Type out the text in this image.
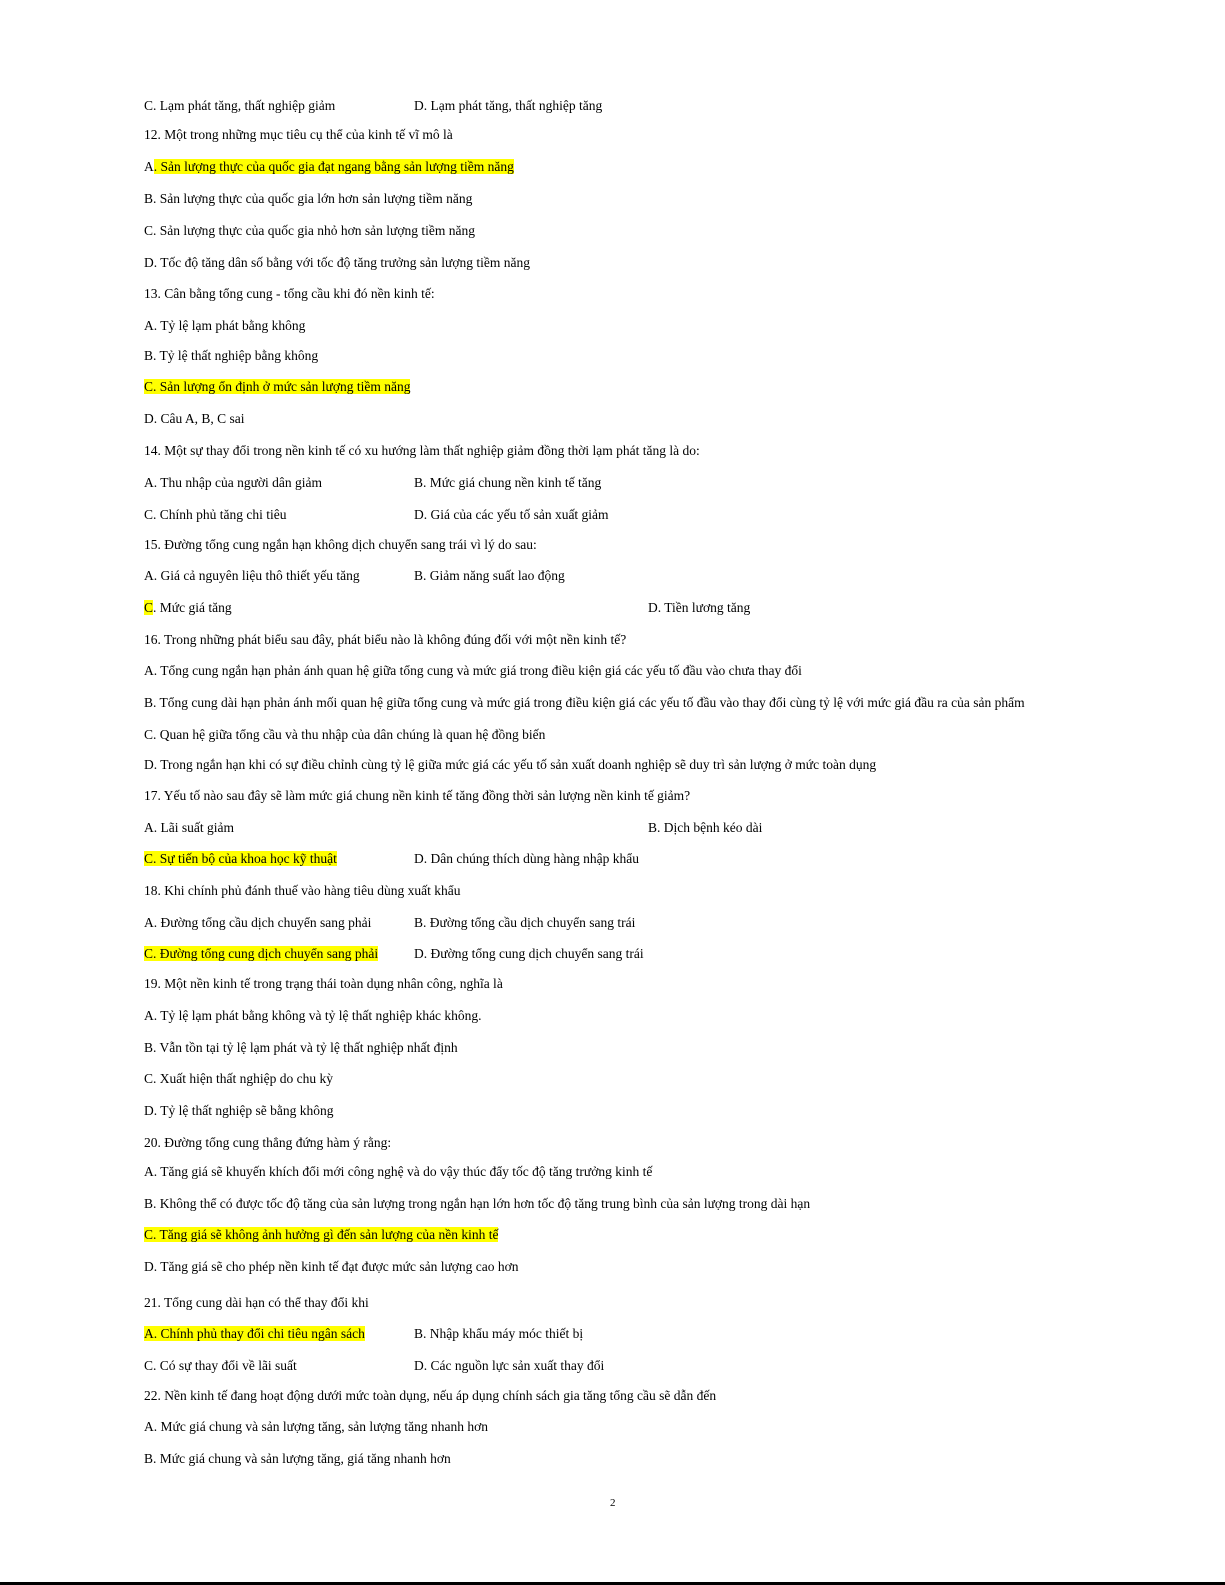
C. Lạm phát tăng, thất nghiệp giảm	D. Lạm phát tăng, thất nghiệp tăng
12. Một trong những mục tiêu cụ thể của kinh tế vĩ mô là
A. Sản lượng thực của quốc gia đạt ngang bằng sản lượng tiềm năng
B. Sản lượng thực của quốc gia lớn hơn sản lượng tiềm năng
C. Sản lượng thực của quốc gia nhỏ hơn sản lượng tiềm năng
D. Tốc độ tăng dân số bằng với tốc độ tăng trưởng sản lượng tiềm năng
13. Cân bằng tổng cung - tổng cầu khi đó nền kinh tế:
A. Tỷ lệ lạm phát bằng không
B. Tỷ lệ thất nghiệp bằng không
C. Sản lượng ổn định ở mức sản lượng tiềm năng
D. Câu A, B, C sai
14. Một sự thay đổi trong nền kinh tế có xu hướng làm thất nghiệp giảm đồng thời lạm phát tăng là do:
A. Thu nhập của người dân giảm	B. Mức giá chung nền kinh tế tăng
C. Chính phủ tăng chi tiêu	D. Giá của các yếu tố sản xuất giảm
15. Đường tổng cung ngắn hạn không dịch chuyển sang trái vì lý do sau:
A. Giá cả nguyên liệu thô thiết yếu tăng	B. Giảm năng suất lao động
C. Mức giá tăng	D. Tiền lương tăng
16. Trong những phát biểu sau đây, phát biểu nào là không đúng đối với một nền kinh tế?
A. Tổng cung ngắn hạn phản ánh quan hệ giữa tổng cung và mức giá trong điều kiện giá các yếu tố đầu vào chưa thay đổi
B. Tổng cung dài hạn phản ánh mối quan hệ giữa tổng cung và mức giá trong điều kiện giá các yếu tố đầu vào thay đổi cùng tỷ lệ với mức giá đầu ra của sản phẩm
C. Quan hệ giữa tổng cầu và thu nhập của dân chúng là quan hệ đồng biến
D. Trong ngắn hạn khi có sự điều chỉnh cùng tỷ lệ giữa mức giá các yếu tố sản xuất doanh nghiệp sẽ duy trì sản lượng ở mức toàn dụng
17. Yếu tố nào sau đây sẽ làm mức giá chung nền kinh tế tăng đồng thời sản lượng nền kinh tế giảm?
A. Lãi suất giảm	B. Dịch bệnh kéo dài
C. Sự tiến bộ của khoa học kỹ thuật	D. Dân chúng thích dùng hàng nhập khẩu
18. Khi chính phủ đánh thuế vào hàng tiêu dùng xuất khẩu
A. Đường tổng cầu dịch chuyển sang phải	B. Đường tổng cầu dịch chuyển sang trái
C. Đường tổng cung dịch chuyển sang phải	D. Đường tổng cung dịch chuyển sang trái
19. Một nền kinh tế trong trạng thái toàn dụng nhân công, nghĩa là
A. Tỷ lệ lạm phát bằng không và tỷ lệ thất nghiệp khác không.
B. Vẫn tồn tại tỷ lệ lạm phát và tỷ lệ thất nghiệp nhất định
C. Xuất hiện thất nghiệp do chu kỳ
D. Tỷ lệ thất nghiệp sẽ bằng không
20. Đường tổng cung thẳng đứng hàm ý rằng:
A. Tăng giá sẽ khuyến khích đổi mới công nghệ và do vậy thúc đẩy tốc độ tăng trưởng kinh tế
B. Không thể có được tốc độ tăng của sản lượng trong ngắn hạn lớn hơn tốc độ tăng trung bình của sản lượng trong dài hạn
C. Tăng giá sẽ không ảnh hưởng gì đến sản lượng của nền kinh tế
D. Tăng giá sẽ cho phép nền kinh tế đạt được mức sản lượng cao hơn
21. Tổng cung dài hạn có thể thay đổi khi
A. Chính phủ thay đổi chi tiêu ngân sách	B. Nhập khẩu máy móc thiết bị
C. Có sự thay đổi về lãi suất	D. Các nguồn lực sản xuất thay đổi
22. Nền kinh tế đang hoạt động dưới mức toàn dụng, nếu áp dụng chính sách gia tăng tổng cầu sẽ dẫn đến
A. Mức giá chung và sản lượng tăng, sản lượng tăng nhanh hơn
B. Mức giá chung và sản lượng tăng, giá tăng nhanh hơn
2
